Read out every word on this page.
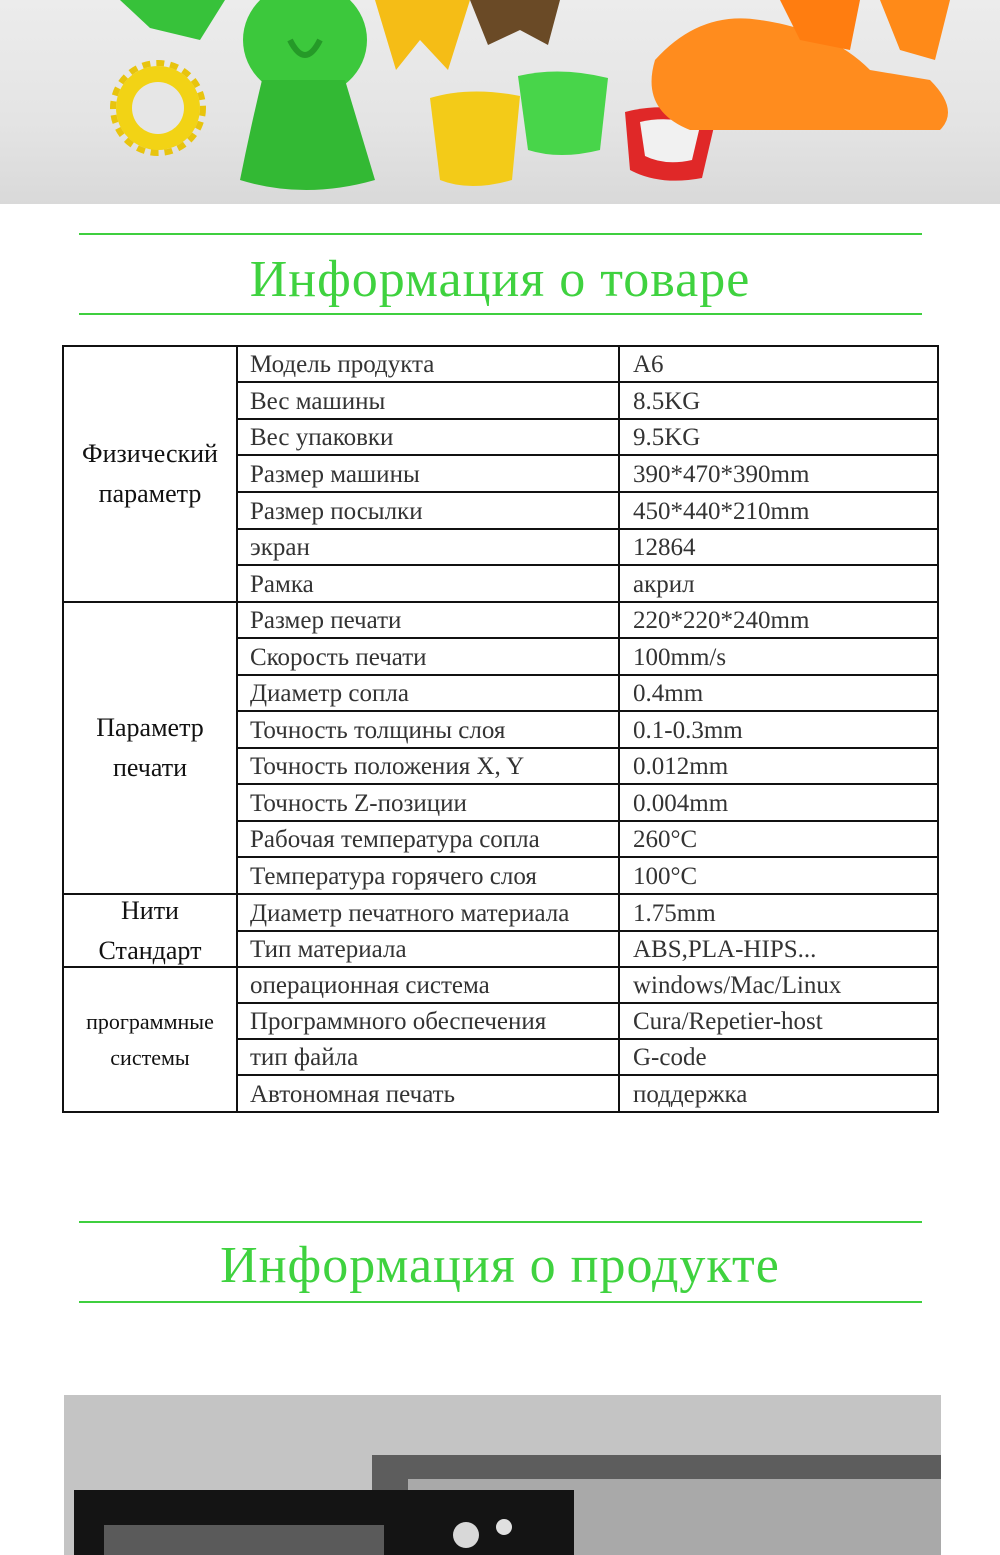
Информация о товаре
Физический
параметр
Модель продукта	A6
Вес машины	8.5KG
Вес упаковки	9.5KG
Размер машины	390*470*390mm
Размер посылки	450*440*210mm
экран	12864
Рамка	акрил
Параметр
печати
Размер печати	220*220*240mm
Скорость печати	100mm/s
Диаметр сопла	0.4mm
Точность толщины слоя	0.1-0.3mm
Точность положения X, Y	0.012mm
Точность Z-позиции	0.004mm
Рабочая температура сопла	260°C
Температура горячего слоя	100°C
Нити
Стандарт
Диаметр печатного материала	1.75mm
Тип материала	ABS,PLA-HIPS...
программные
системы
операционная система	windows/Mac/Linux
Программного обеспечения	Cura/Repetier-host
тип файла	G-code
Автономная печать	поддержка
Информация о продукте
